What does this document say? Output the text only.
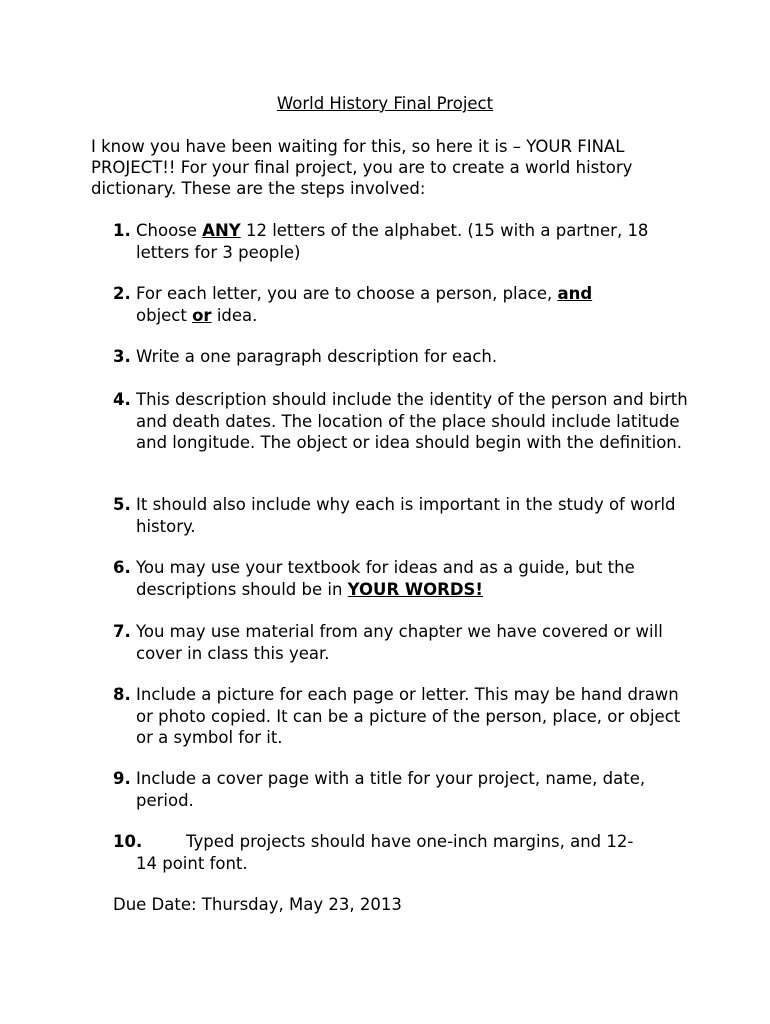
World History Final Project
I know you have been waiting for this, so here it is – YOUR FINAL PROJECT!! For your final project, you are to create a world history dictionary. These are the steps involved:
1. Choose ANY 12 letters of the alphabet. (15 with a partner, 18 letters for 3 people)
2. For each letter, you are to choose a person, place, and
object or idea.
3. Write a one paragraph description for each.
4. This description should include the identity of the person and birth and death dates. The location of the place should include latitude and longitude. The object or idea should begin with the definition.
5. It should also include why each is important in the study of world history.
6. You may use your textbook for ideas and as a guide, but the descriptions should be in YOUR WORDS!
7. You may use material from any chapter we have covered or will cover in class this year.
8. Include a picture for each page or letter. This may be hand drawn or photo copied. It can be a picture of the person, place, or object or a symbol for it.
9. Include a cover page with a title for your project, name, date, period.
10.	Typed projects should have one-inch margins, and 12-
14 point font.
Due Date: Thursday, May 23, 2013
